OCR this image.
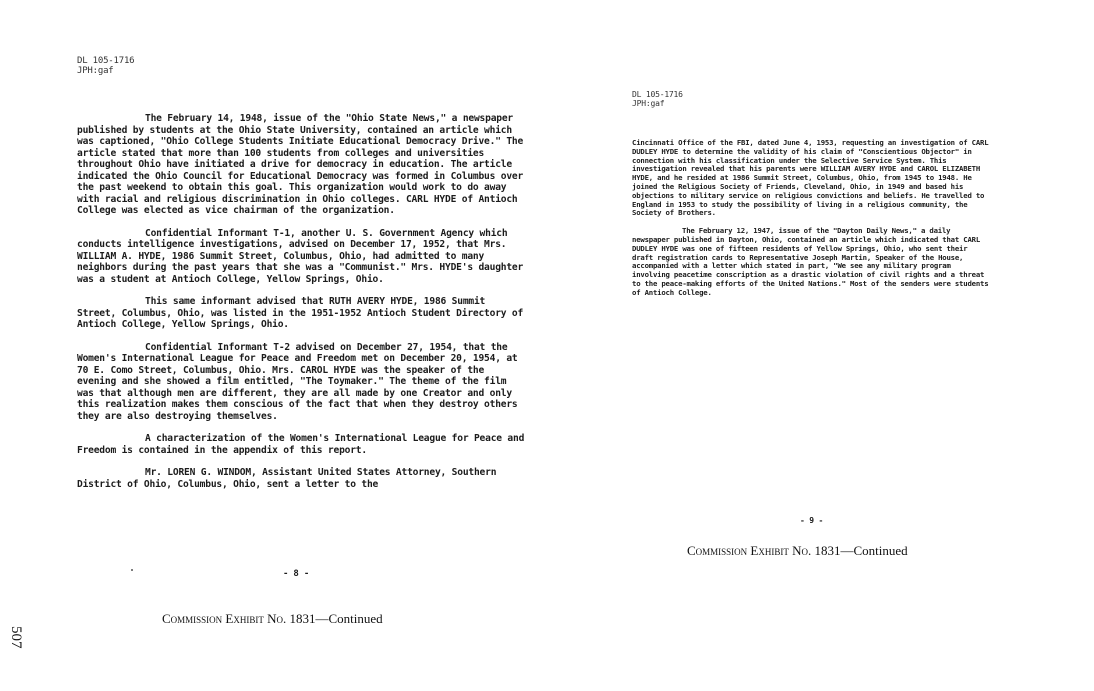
DL 105-1716
JPH:gaf

The February 14, 1948, issue of the "Ohio State News," a newspaper published by students at the Ohio State University, contained an article which was captioned, "Ohio College Students Initiate Educational Democracy Drive." The article stated that more than 100 students from colleges and universities throughout Ohio have initiated a drive for democracy in education. The article indicated the Ohio Council for Educational Democracy was formed in Columbus over the past weekend to obtain this goal. This organization would work to do away with racial and religious discrimination in Ohio colleges. CARL HYDE of Antioch College was elected as vice chairman of the organization.

Confidential Informant T-1, another U. S. Government Agency which conducts intelligence investigations, advised on December 17, 1952, that Mrs. WILLIAM A. HYDE, 1986 Summit Street, Columbus, Ohio, had admitted to many neighbors during the past years that she was a "Communist." Mrs. HYDE's daughter was a student at Antioch College, Yellow Springs, Ohio.

This same informant advised that RUTH AVERY HYDE, 1986 Summit Street, Columbus, Ohio, was listed in the 1951-1952 Antioch Student Directory of Antioch College, Yellow Springs, Ohio.

Confidential Informant T-2 advised on December 27, 1954, that the Women's International League for Peace and Freedom met on December 20, 1954, at 70 E. Como Street, Columbus, Ohio. Mrs. CAROL HYDE was the speaker of the evening and she showed a film entitled, "The Toymaker." The theme of the film was that although men are different, they are all made by one Creator and only this realization makes them conscious of the fact that when they destroy others they are also destroying themselves.

A characterization of the Women's International League for Peace and Freedom is contained in the appendix of this report.

Mr. LOREN G. WINDOM, Assistant United States Attorney, Southern District of Ohio, Columbus, Ohio, sent a letter to the

- 8 -
Commission Exhibit No. 1831—Continued
507
DL 105-1716
JPH:gaf

Cincinnati Office of the FBI, dated June 4, 1953, requesting an investigation of CARL DUDLEY HYDE to determine the validity of his claim of "Conscientious Objector" in connection with his classification under the Selective Service System. This investigation revealed that his parents were WILLIAM AVERY HYDE and CAROL ELIZABETH HYDE, and he resided at 1986 Summit Street, Columbus, Ohio, from 1945 to 1948. He joined the Religious Society of Friends, Cleveland, Ohio, in 1949 and based his objections to military service on religious convictions and beliefs. He travelled to England in 1953 to study the possibility of living in a religious community, the Society of Brothers.

The February 12, 1947, issue of the "Dayton Daily News," a daily newspaper published in Dayton, Ohio, contained an article which indicated that CARL DUDLEY HYDE was one of fifteen residents of Yellow Springs, Ohio, who sent their draft registration cards to Representative Joseph Martin, Speaker of the House, accompanied with a letter which stated in part, "We see any military program involving peacetime conscription as a drastic violation of civil rights and a threat to the peace-making efforts of the United Nations." Most of the senders were students of Antioch College.

- 9 -
Commission Exhibit No. 1831—Continued
